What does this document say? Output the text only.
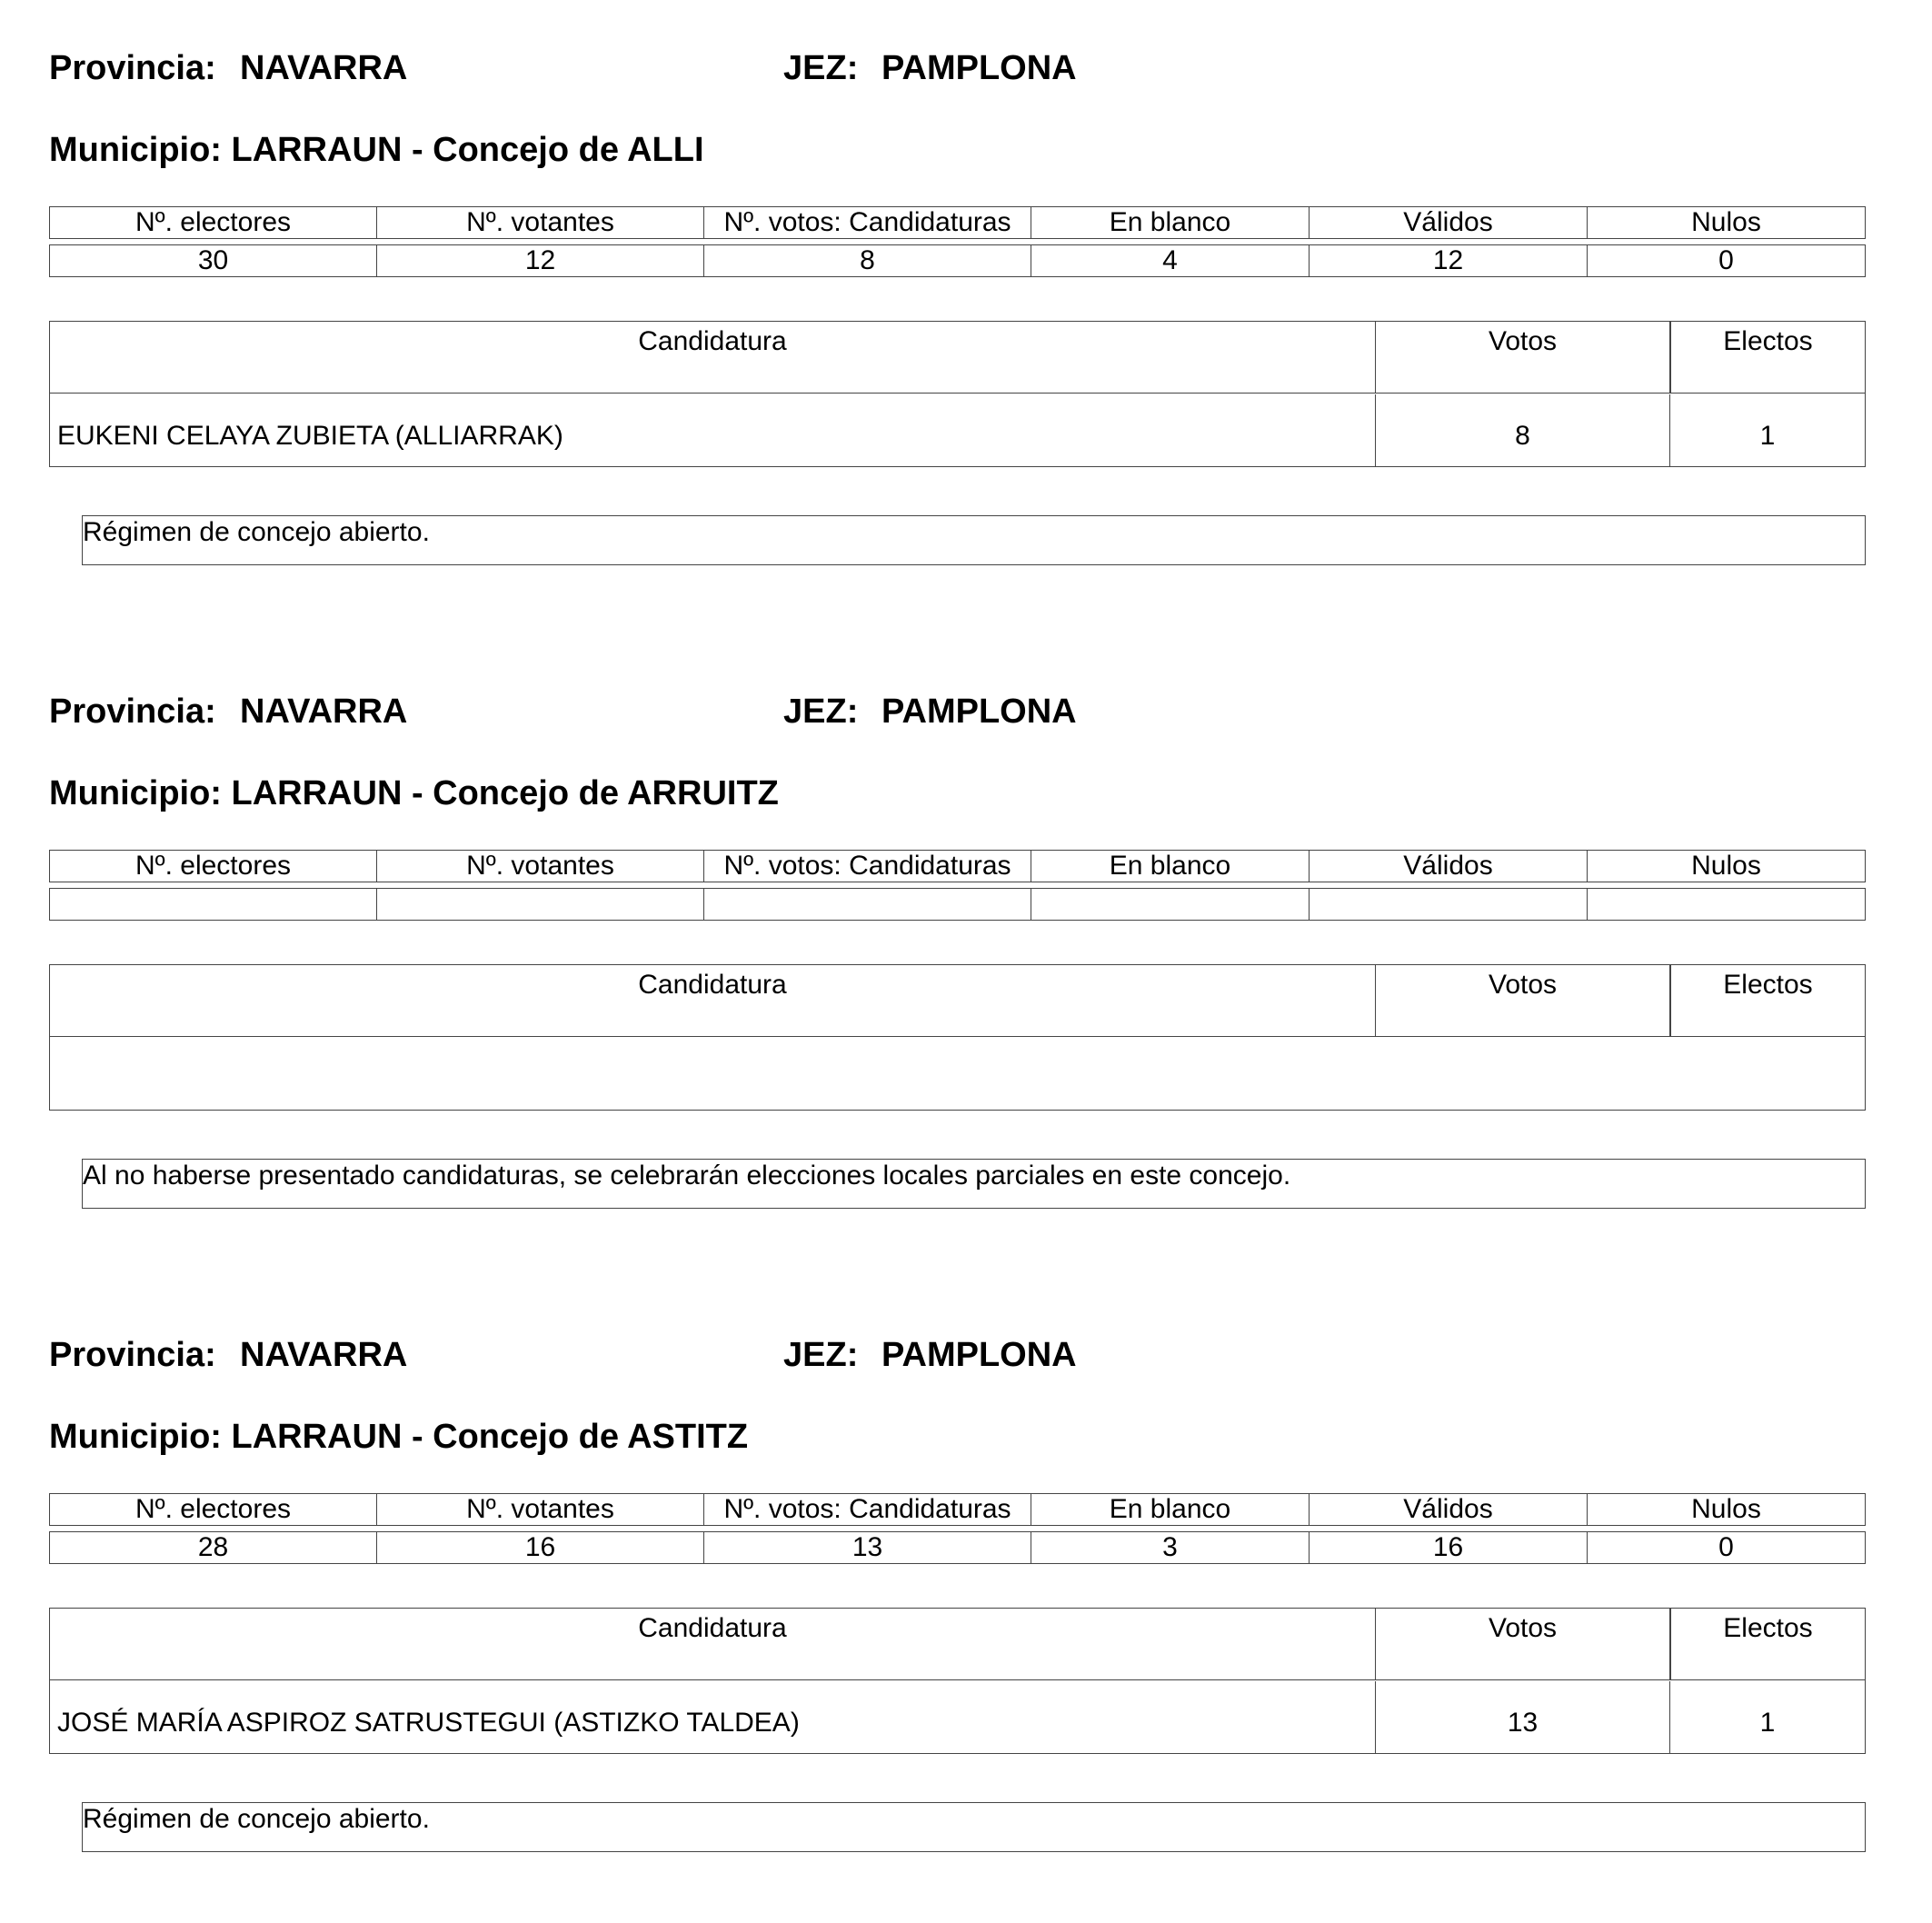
Provincia: NAVARRA	JEZ: PAMPLONA
Municipio: LARRAUN - Concejo de ALLI
Nº. electores	Nº. votantes	Nº. votos: Candidaturas	En blanco	Válidos	Nulos
30	12	8	4	12	0
Candidatura	Votos	Electos
EUKENI CELAYA ZUBIETA (ALLIARRAK)	8	1
Régimen de concejo abierto.
Provincia: NAVARRA	JEZ: PAMPLONA
Municipio: LARRAUN - Concejo de ARRUITZ
Nº. electores	Nº. votantes	Nº. votos: Candidaturas	En blanco	Válidos	Nulos
Candidatura	Votos	Electos
Al no haberse presentado candidaturas, se celebrarán elecciones locales parciales en este concejo.
Provincia: NAVARRA	JEZ: PAMPLONA
Municipio: LARRAUN - Concejo de ASTITZ
Nº. electores	Nº. votantes	Nº. votos: Candidaturas	En blanco	Válidos	Nulos
28	16	13	3	16	0
Candidatura	Votos	Electos
JOSÉ MARÍA ASPIROZ SATRUSTEGUI (ASTIZKO TALDEA)	13	1
Régimen de concejo abierto.
